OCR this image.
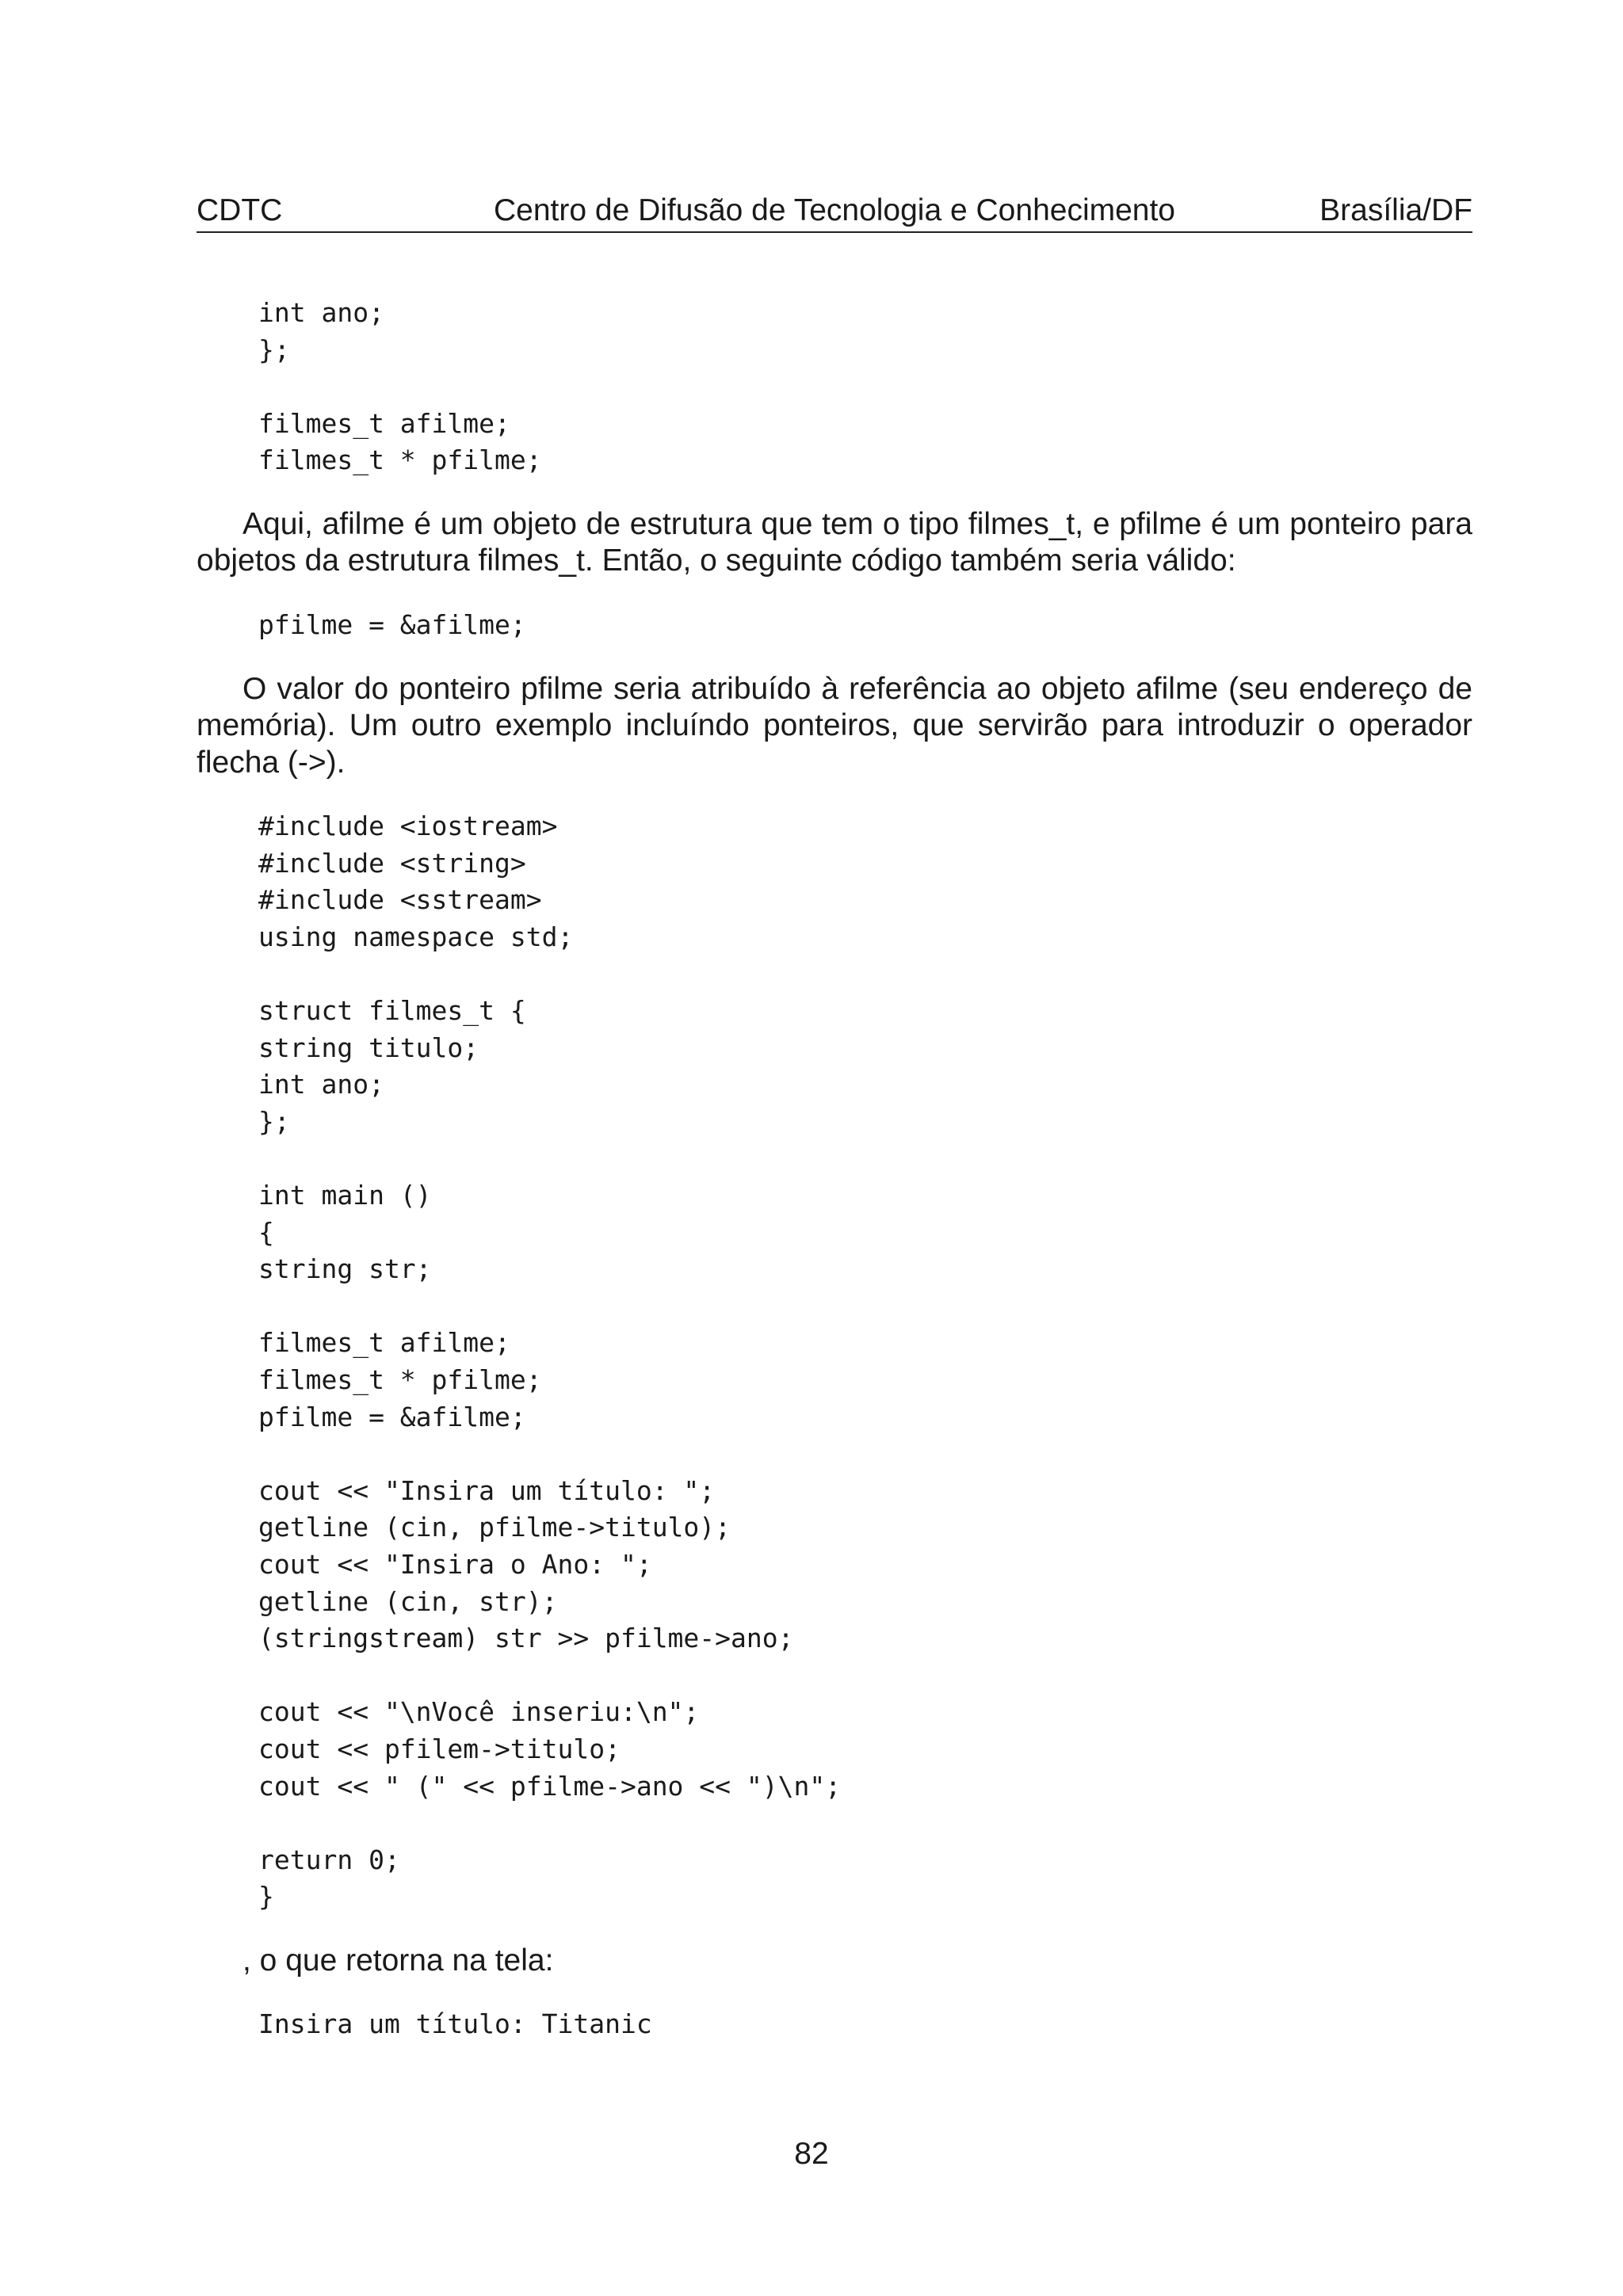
CDTC	Centro de Difusão de Tecnologia e Conhecimento	Brasília/DF
int ano;
};
filmes_t afilme;
filmes_t * pfilme;

Aqui, afilme é um objeto de estrutura que tem o tipo filmes_t, e pfilme é um ponteiro para objetos da estrutura filmes_t. Então, o seguinte código também seria válido:

pfilme = &afilme;

O valor do ponteiro pfilme seria atribuído à referência ao objeto afilme (seu endereço de memória). Um outro exemplo incluíndo ponteiros, que servirão para introduzir o operador flecha (->).

#include <iostream>
#include <string>
#include <sstream>
using namespace std;
struct filmes_t {
string titulo;
int ano;
};
int main ()
{
string str;
filmes_t afilme;
filmes_t * pfilme;
pfilme = &afilme;
cout << "Insira um título: ";
getline (cin, pfilme->titulo);
cout << "Insira o Ano: ";
getline (cin, str);
(stringstream) str >> pfilme->ano;
cout << "\nVocê inseriu:\n";
cout << pfilem->titulo;
cout << " (" << pfilme->ano << ")\n";
return 0;
}

, o que retorna na tela:

Insira um título: Titanic
82
